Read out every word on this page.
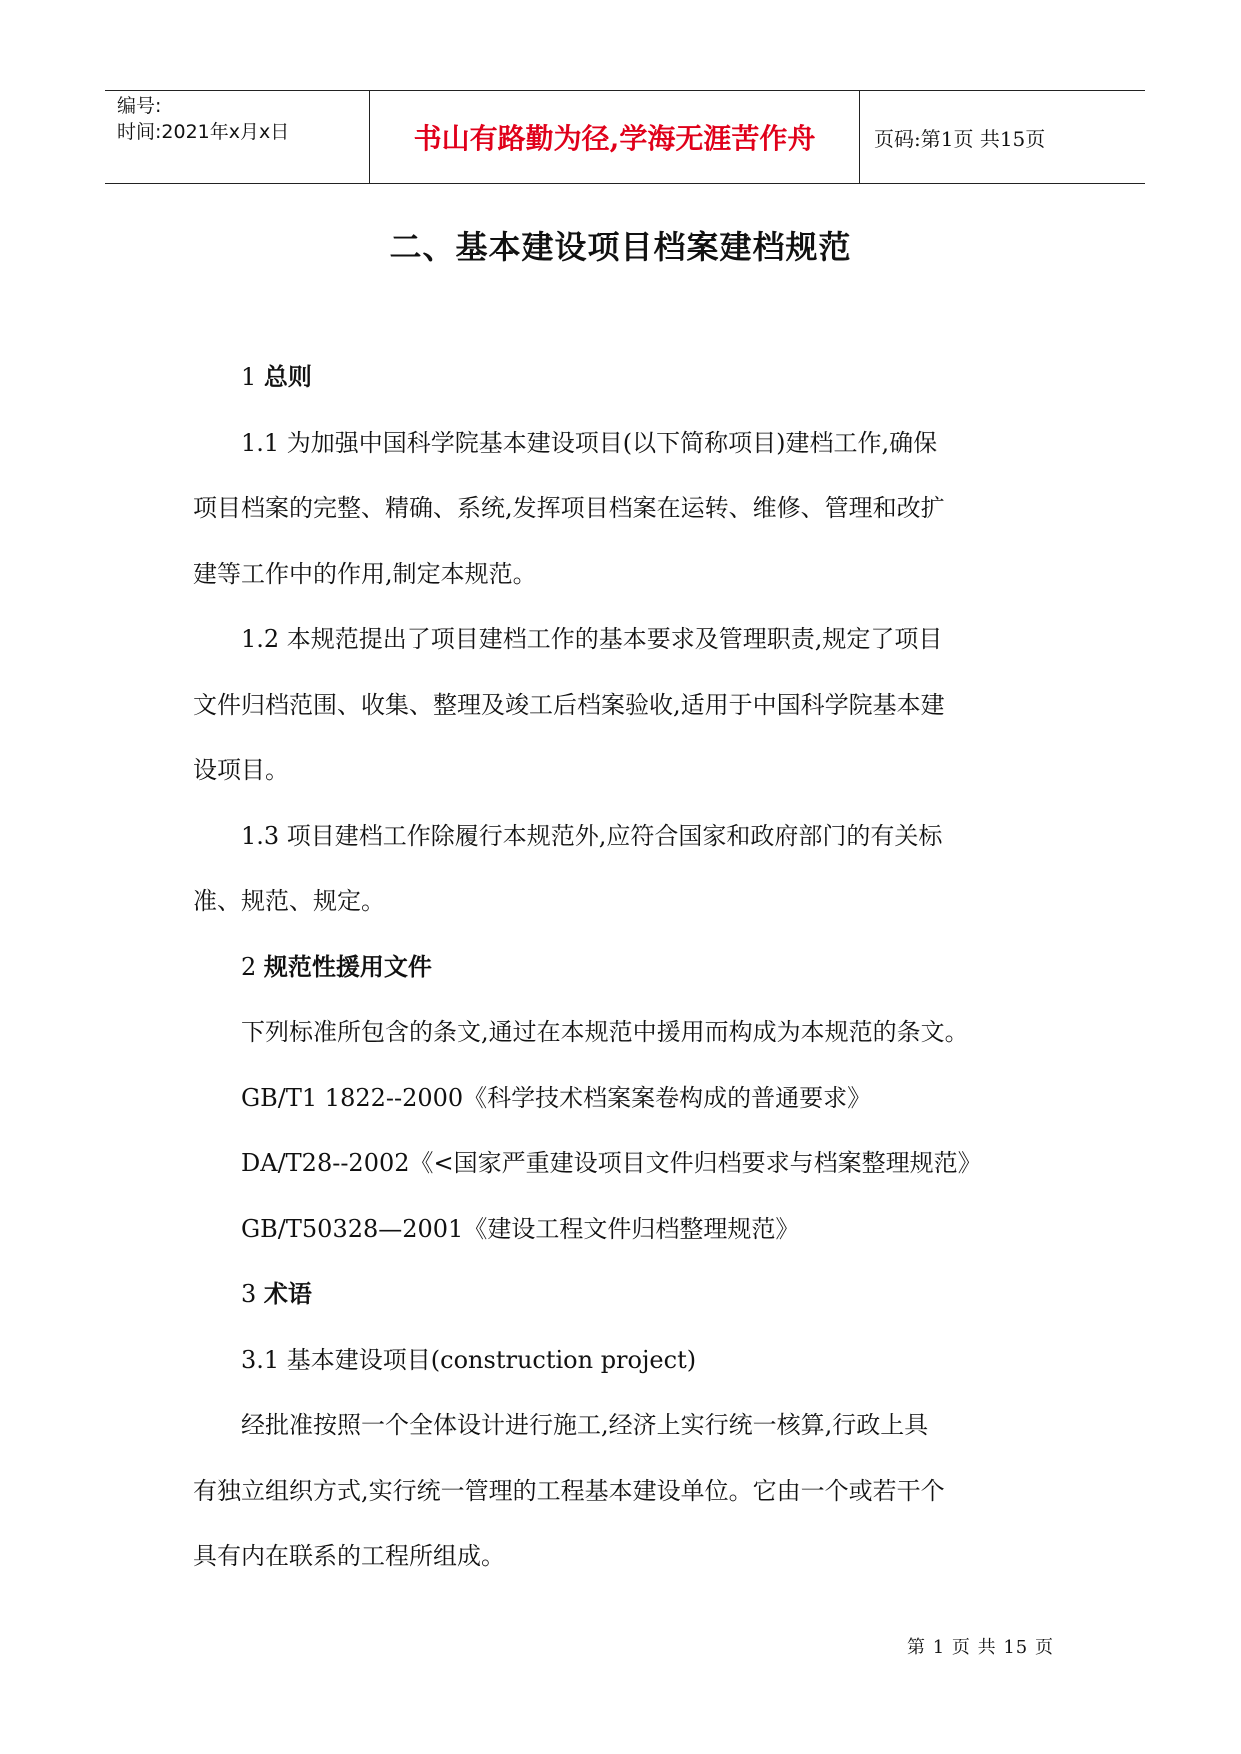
编号:
时间:2021年x月x日	书山有路勤为径,学海无涯苦作舟	页码:第1页 共15页
二、基本建设项目档案建档规范
1 总则
1.1 为加强中国科学院基本建设项目(以下简称项目)建档工作,确保
项目档案的完整、精确、系统,发挥项目档案在运转、维修、管理和改扩
建等工作中的作用,制定本规范。
1.2 本规范提出了项目建档工作的基本要求及管理职责,规定了项目
文件归档范围、收集、整理及竣工后档案验收,适用于中国科学院基本建
设项目。
1.3 项目建档工作除履行本规范外,应符合国家和政府部门的有关标
准、规范、规定。
2 规范性援用文件
下列标准所包含的条文,通过在本规范中援用而构成为本规范的条文。
GB/T1 1822--2000《科学技术档案案卷构成的普通要求》
DA/T28--2002《<国家严重建设项目文件归档要求与档案整理规范》
GB/T50328—2001《建设工程文件归档整理规范》
3 术语
3.1 基本建设项目(construction project)
经批准按照一个全体设计进行施工,经济上实行统一核算,行政上具
有独立组织方式,实行统一管理的工程基本建设单位。它由一个或若干个
具有内在联系的工程所组成。
第 1 页 共 15 页
